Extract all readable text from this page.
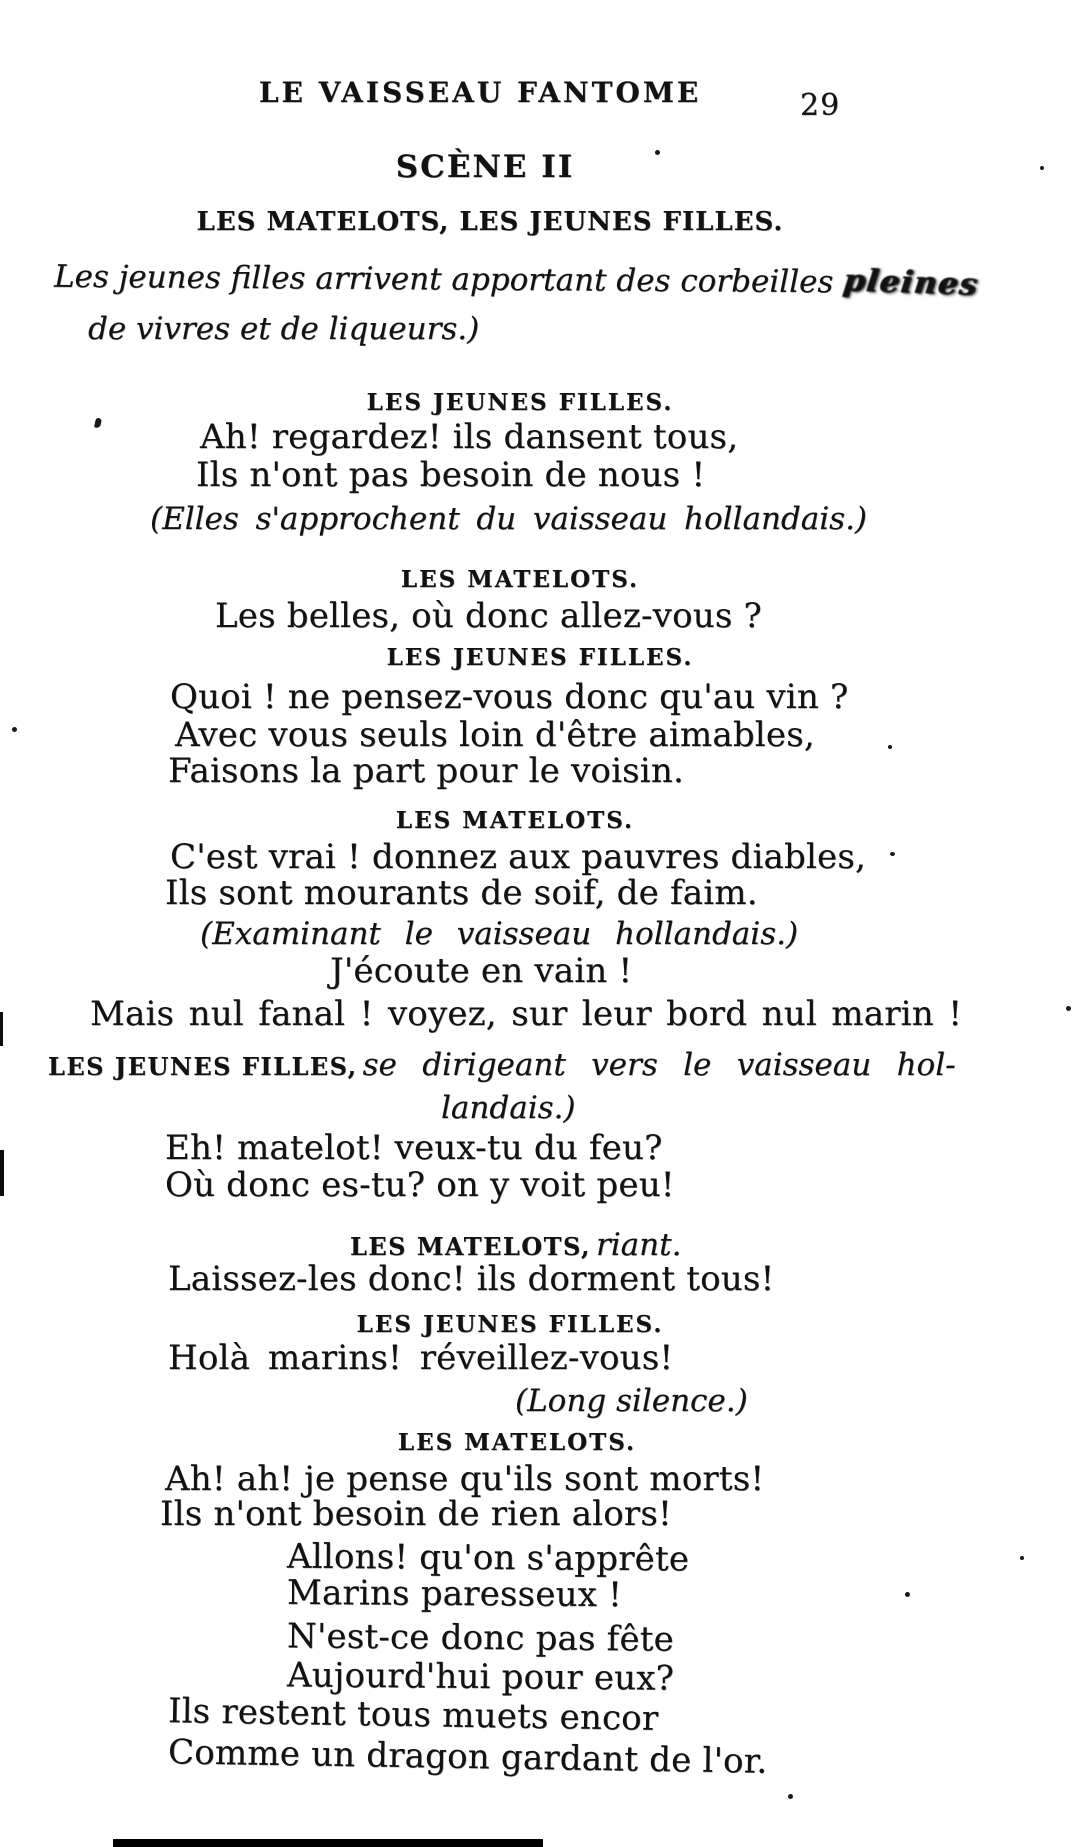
LE VAISSEAU FANTOME	29
SCÈNE II
LES MATELOTS, LES JEUNES FILLES.
Les jeunes filles arrivent apportant des corbeilles pleines
de vivres et de liqueurs.)
LES JEUNES FILLES.
Ah! regardez! ils dansent tous,
Ils n'ont pas besoin de nous !
(Elles s'approchent du vaisseau hollandais.)
LES MATELOTS.
Les belles, où donc allez-vous ?
LES JEUNES FILLES.
Quoi ! ne pensez-vous donc qu'au vin ?
Avec vous seuls loin d'être aimables,
Faisons la part pour le voisin.
LES MATELOTS.
C'est vrai ! donnez aux pauvres diables,
Ils sont mourants de soif, de faim.
(Examinant le vaisseau hollandais.)
J'écoute en vain !
Mais nul fanal ! voyez, sur leur bord nul marin !
LES JEUNES FILLES, se dirigeant vers le vaisseau hol-
landais.)
Eh! matelot! veux-tu du feu?
Où donc es-tu? on y voit peu!
LES MATELOTS, riant.
Laissez-les donc! ils dorment tous!
LES JEUNES FILLES.
Holà marins! réveillez-vous!
(Long silence.)
LES MATELOTS.
Ah! ah! je pense qu'ils sont morts!
Ils n'ont besoin de rien alors!
Allons! qu'on s'apprête
Marins paresseux !
N'est-ce donc pas fête
Aujourd'hui pour eux?
Ils restent tous muets encor
Comme un dragon gardant de l'or.
